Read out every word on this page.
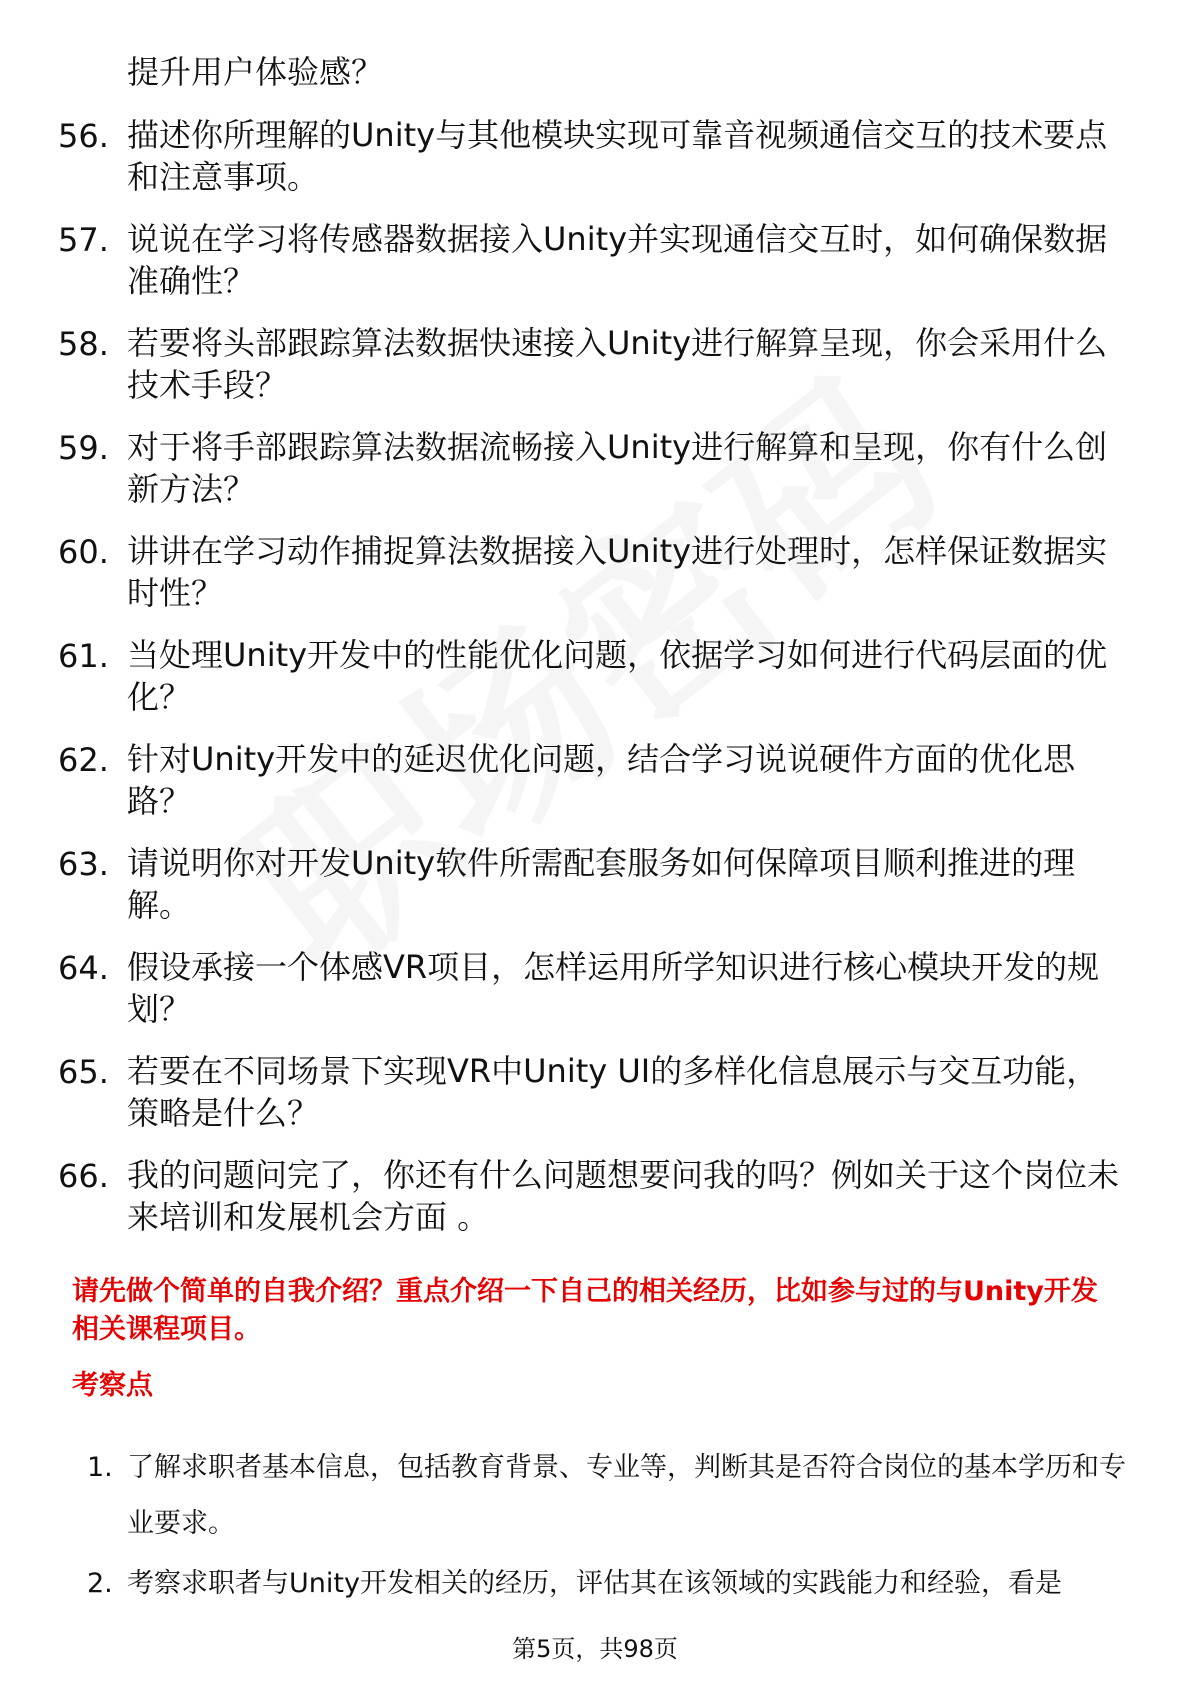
提升用户体验感？
56. 描述你所理解的Unity与其他模块实现可靠音视频通信交互的技术要点和注意事项。
57. 说说在学习将传感器数据接入Unity并实现通信交互时，如何确保数据准确性？
58. 若要将头部跟踪算法数据快速接入Unity进行解算呈现，你会采用什么技术手段？
59. 对于将手部跟踪算法数据流畅接入Unity进行解算和呈现，你有什么创新方法？
60. 讲讲在学习动作捕捉算法数据接入Unity进行处理时，怎样保证数据实时性？
61. 当处理Unity开发中的性能优化问题，依据学习如何进行代码层面的优化？
62. 针对Unity开发中的延迟优化问题，结合学习说说硬件方面的优化思路？
63. 请说明你对开发Unity软件所需配套服务如何保障项目顺利推进的理解。
64. 假设承接一个体感VR项目，怎样运用所学知识进行核心模块开发的规划？
65. 若要在不同场景下实现VR中Unity UI的多样化信息展示与交互功能，策略是什么？
66. 我的问题问完了，你还有什么问题想要问我的吗？例如关于这个岗位未来培训和发展机会方面 。
请先做个简单的自我介绍？重点介绍一下自己的相关经历，比如参与过的与Unity开发相关课程项目。
考察点
1. 了解求职者基本信息，包括教育背景、专业等，判断其是否符合岗位的基本学历和专业要求。
2. 考察求职者与Unity开发相关的经历，评估其在该领域的实践能力和经验，看是
第5页，共98页
